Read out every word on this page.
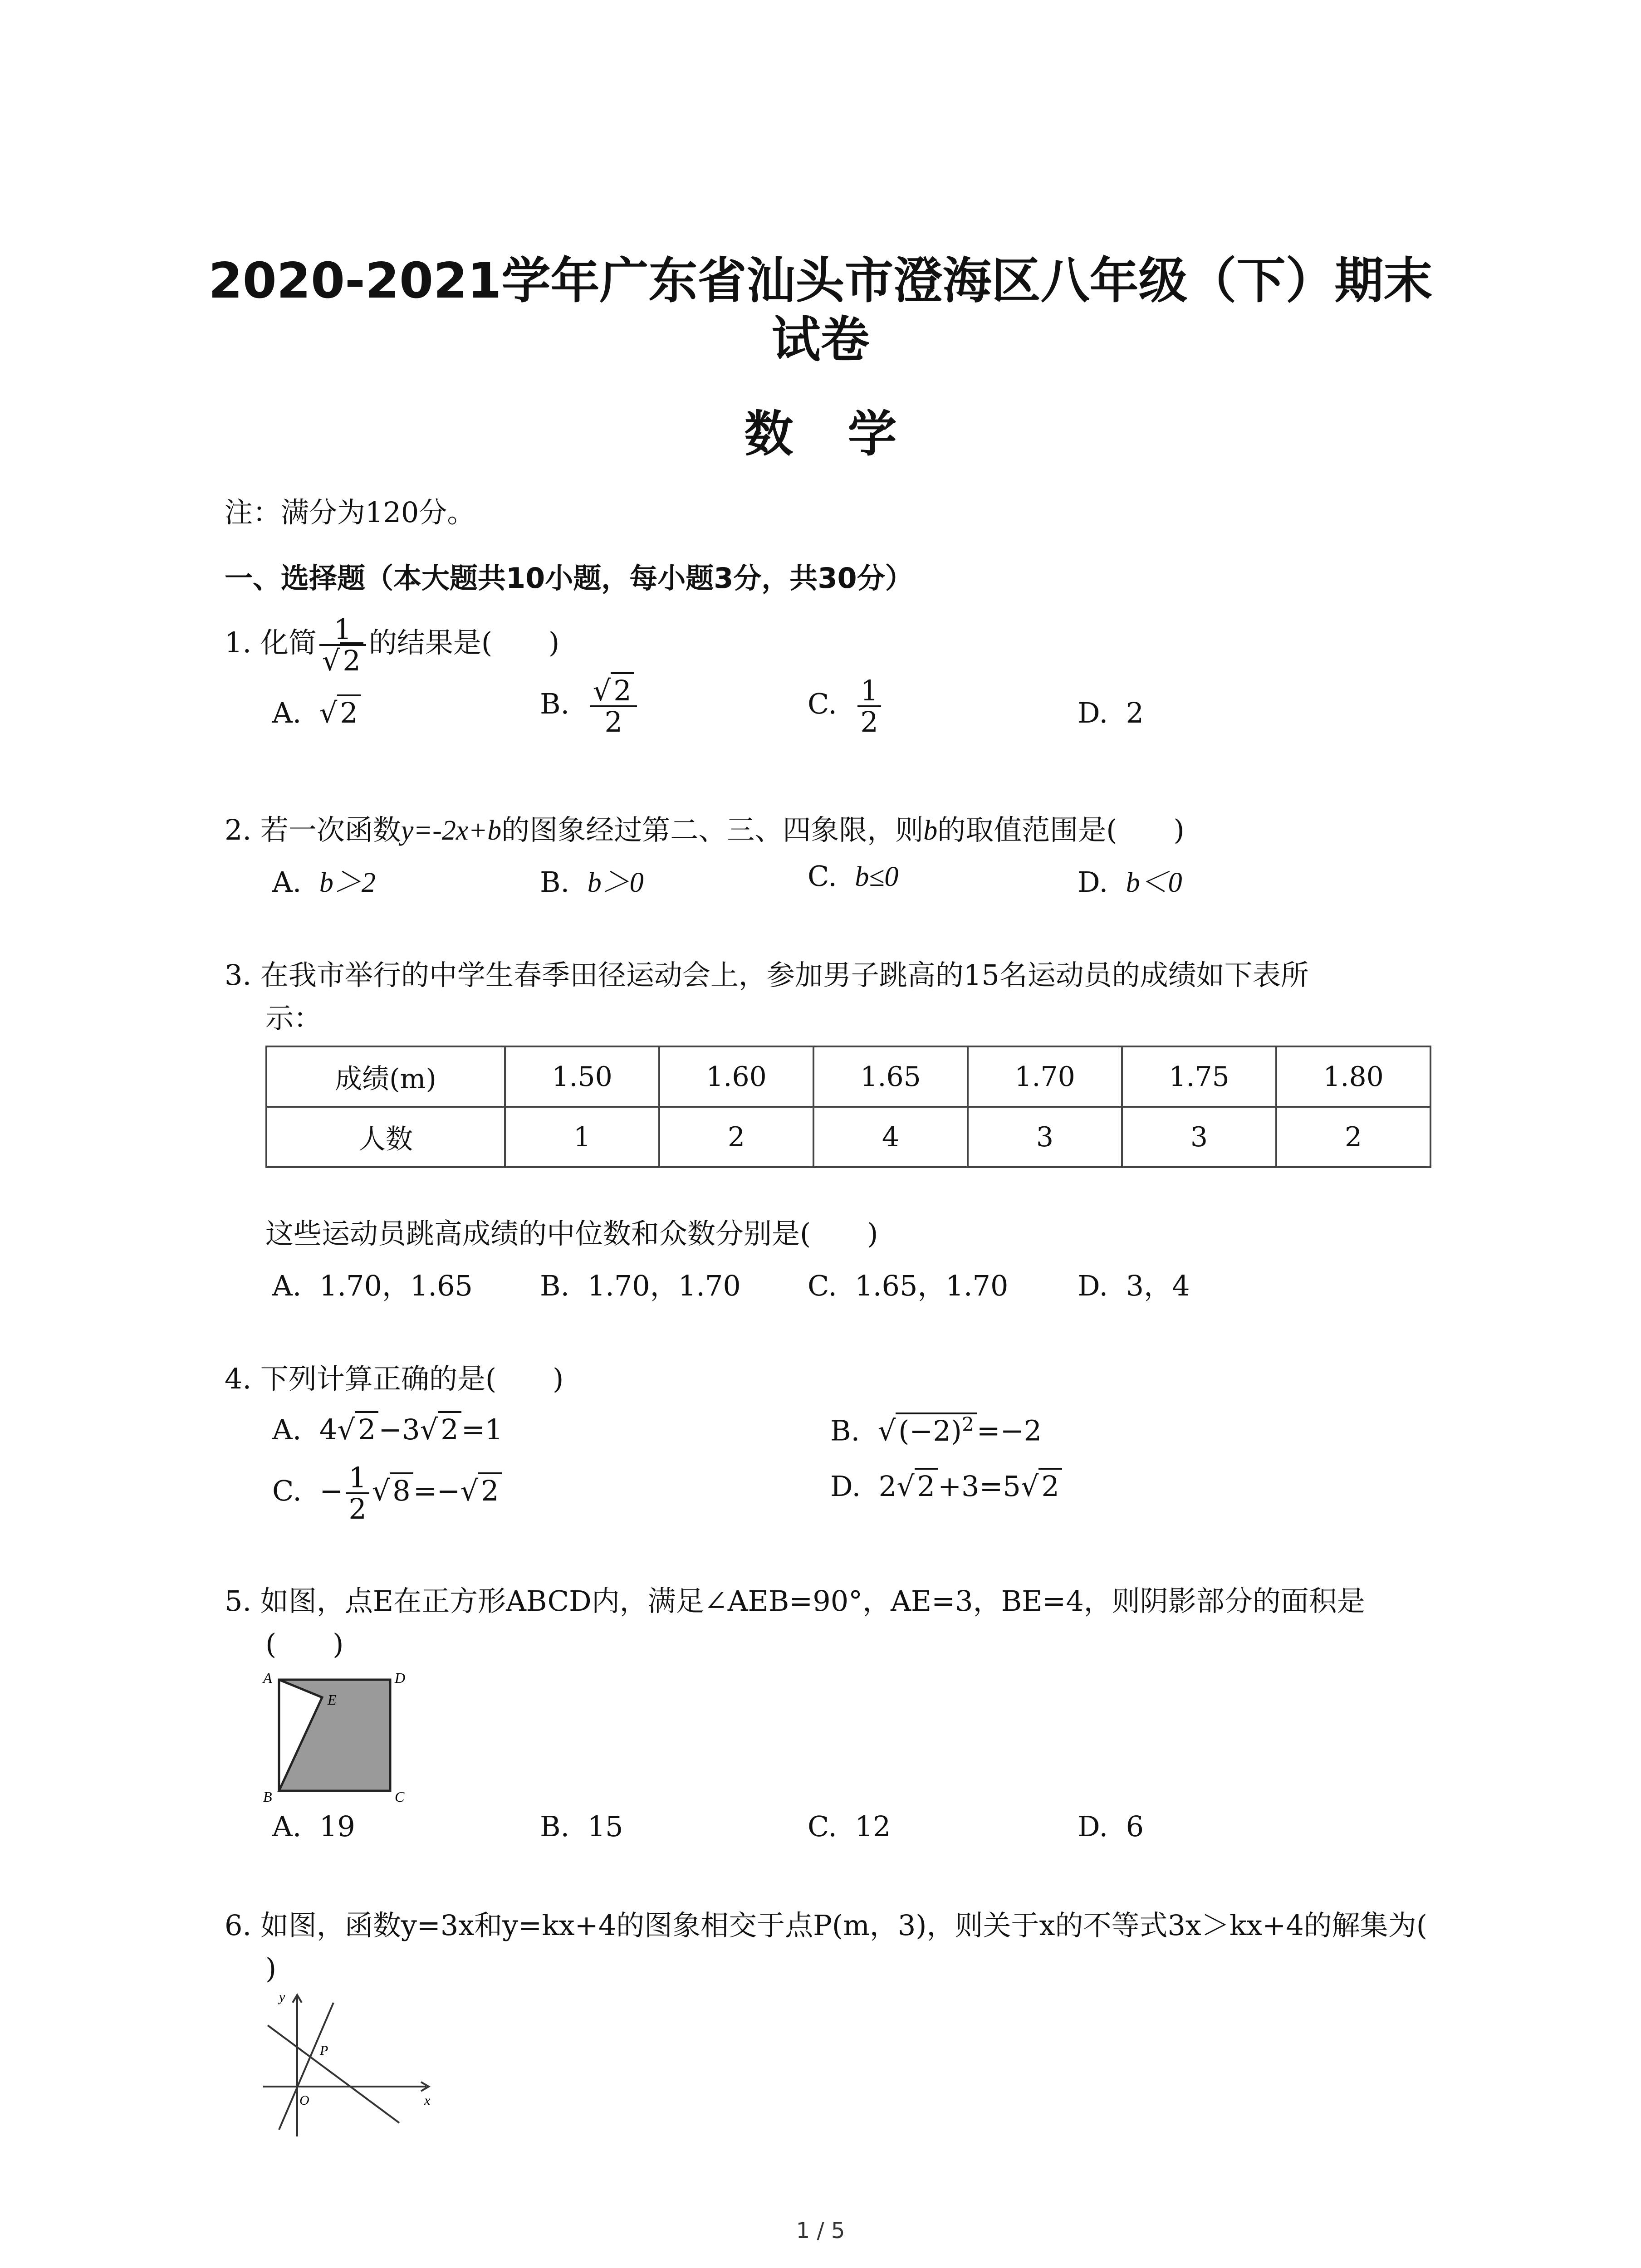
2020-2021学年广东省汕头市澄海区八年级（下）期末
试卷
数学
注：满分为120分。
一、选择题（本大题共10小题，每小题3分，共30分）
1. 化简 $\frac{1}{√2}$ 的结果是(　　)
A. √2	B. $\frac{√2}{2}$	C. $\frac{1}{2}$	D. 2
2. 若一次函数y=-2x+b的图象经过第二、三、四象限，则b的取值范围是(　　)
A. b＞2	B. b＞0	C. b≤0	D. b＜0
3. 在我市举行的中学生春季田径运动会上，参加男子跳高的15名运动员的成绩如下表所
示：
成绩(m)	1.50	1.60	1.65	1.70	1.75	1.80
人数	1	2	4	3	3	2
这些运动员跳高成绩的中位数和众数分别是(　　)
A. 1.70，1.65 B. 1.70，1.70 C. 1.65，1.70 D. 3，4
4. 下列计算正确的是(　　)
A. 4√2−3√2=1	B. $√(-2)^2=-2$
C. − $\frac{1}{2} √8=-√2$	D. 2√2+3=5√2
5. 如图，点E在正方形ABCD内，满足∠AEB=90°，AE=3，BE=4，则阴影部分的面积是
(　　)
A	D
B	C
E
A. 19	B. 15	C. 12	D. 6
6. 如图，函数y=3x和y=kx+4的图象相交于点P(m，3)，则关于x的不等式3x＞kx+4的解集为(
)
y
x
O
P
1 / 5
